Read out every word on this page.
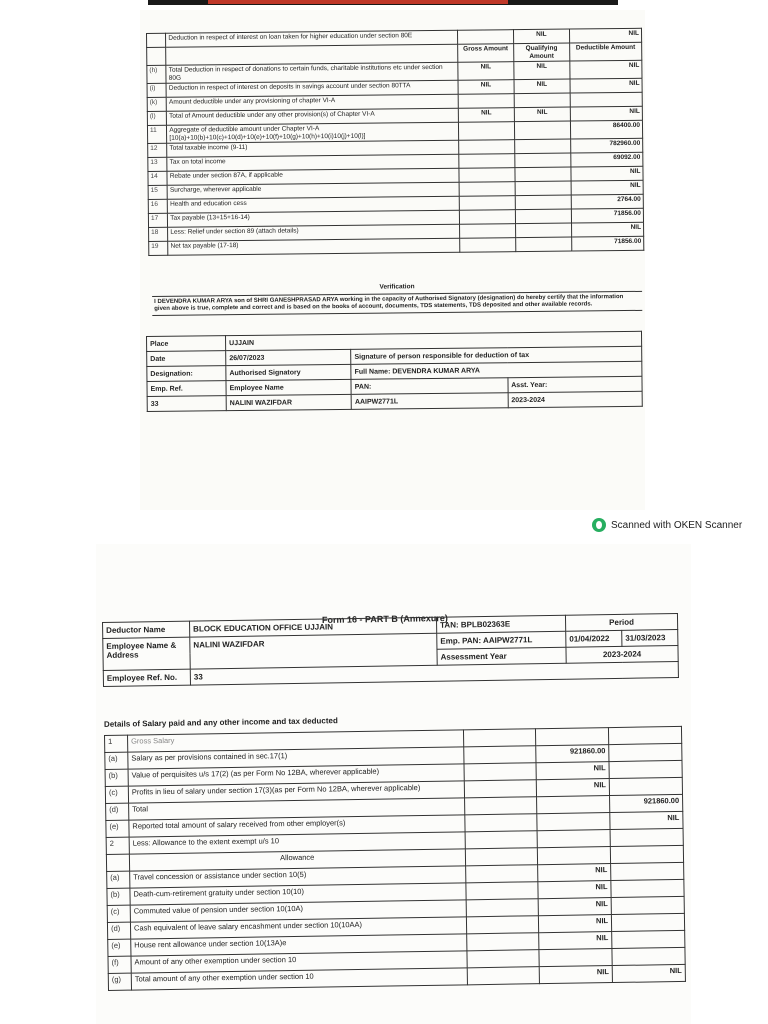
	Deduction in respect of interest on loan taken for higher education under section 80E		NIL	NIL
		Gross Amount	Qualifying Amount	Deductible Amount
(h)	Total Deduction in respect of donations to certain funds, charitable institutions etc under section 80G	NIL	NIL	NIL
(i)	Deduction in respect of interest on deposits in savings account under section 80TTA	NIL	NIL	NIL
(k)	Amount deductible under any provisioning of chapter VI-A			
(l)	Total of Amount deductible under any other provision(s) of Chapter VI-A	NIL	NIL	NIL
11	Aggregate of deductible amount under Chapter VI-A [10(a)+10(b)+10(c)+10(d)+10(e)+10(f)+10(g)+10(h)+10(i)10(j)+10(l)]			86400.00
12	Total taxable income (9-11)			782960.00
13	Tax on total income			69092.00
14	Rebate under section 87A, if applicable			NIL
15	Surcharge, wherever applicable			NIL
16	Health and education cess			2764.00
17	Tax payable (13+15+16-14)			71856.00
18	Less: Relief under section 89 (attach details)			NIL
19	Net tax payable (17-18)			71856.00
Verification
I DEVENDRA KUMAR ARYA son of SHRI GANESHPRASAD ARYA working in the capacity of Authorised Signatory (designation) do hereby certify that the information given above is true, complete and correct and is based on the books of account, documents, TDS statements, TDS deposited and other available records.
Place	UJJAIN		
Date	26/07/2023	Signature of person responsible for deduction of tax	
Designation:	Authorised Signatory	Full Name: DEVENDRA KUMAR ARYA	
Emp. Ref.	Employee Name	PAN:	Asst. Year:
33	NALINI WAZIFDAR	AAIPW2771L	2023-2024
Scanned with OKEN Scanner
Form 16 - PART B (Annexure)
Deductor Name	BLOCK EDUCATION OFFICE UJJAIN	TAN: BPLB02363E	Period	
Employee Name & Address	NALINI WAZIFDAR	Emp. PAN: AAIPW2771L	01/04/2022	31/03/2023
		Assessment Year	2023-2024	
Employee Ref. No.	33			
Details of Salary paid and any other income and tax deducted
1	Gross Salary			
(a)	Salary as per provisions contained in sec.17(1)		921860.00	
(b)	Value of perquisites u/s 17(2) (as per Form No 12BA, wherever applicable)		NIL	
(c)	Profits in lieu of salary under section 17(3)(as per Form No 12BA, wherever applicable)		NIL	
(d)	Total			921860.00
(e)	Reported total amount of salary received from other employer(s)			NIL
2	Less: Allowance to the extent exempt u/s 10			
	Allowance			
(a)	Travel concession or assistance under section 10(5)		NIL	
(b)	Death-cum-retirement gratuity under section 10(10)		NIL	
(c)	Commuted value of pension under section 10(10A)		NIL	
(d)	Cash equivalent of leave salary encashment under section 10(10AA)		NIL	
(e)	House rent allowance under section 10(13A)e		NIL	
(f)	Amount of any other exemption under section 10			
(g)	Total amount of any other exemption under section 10		NIL	NIL
